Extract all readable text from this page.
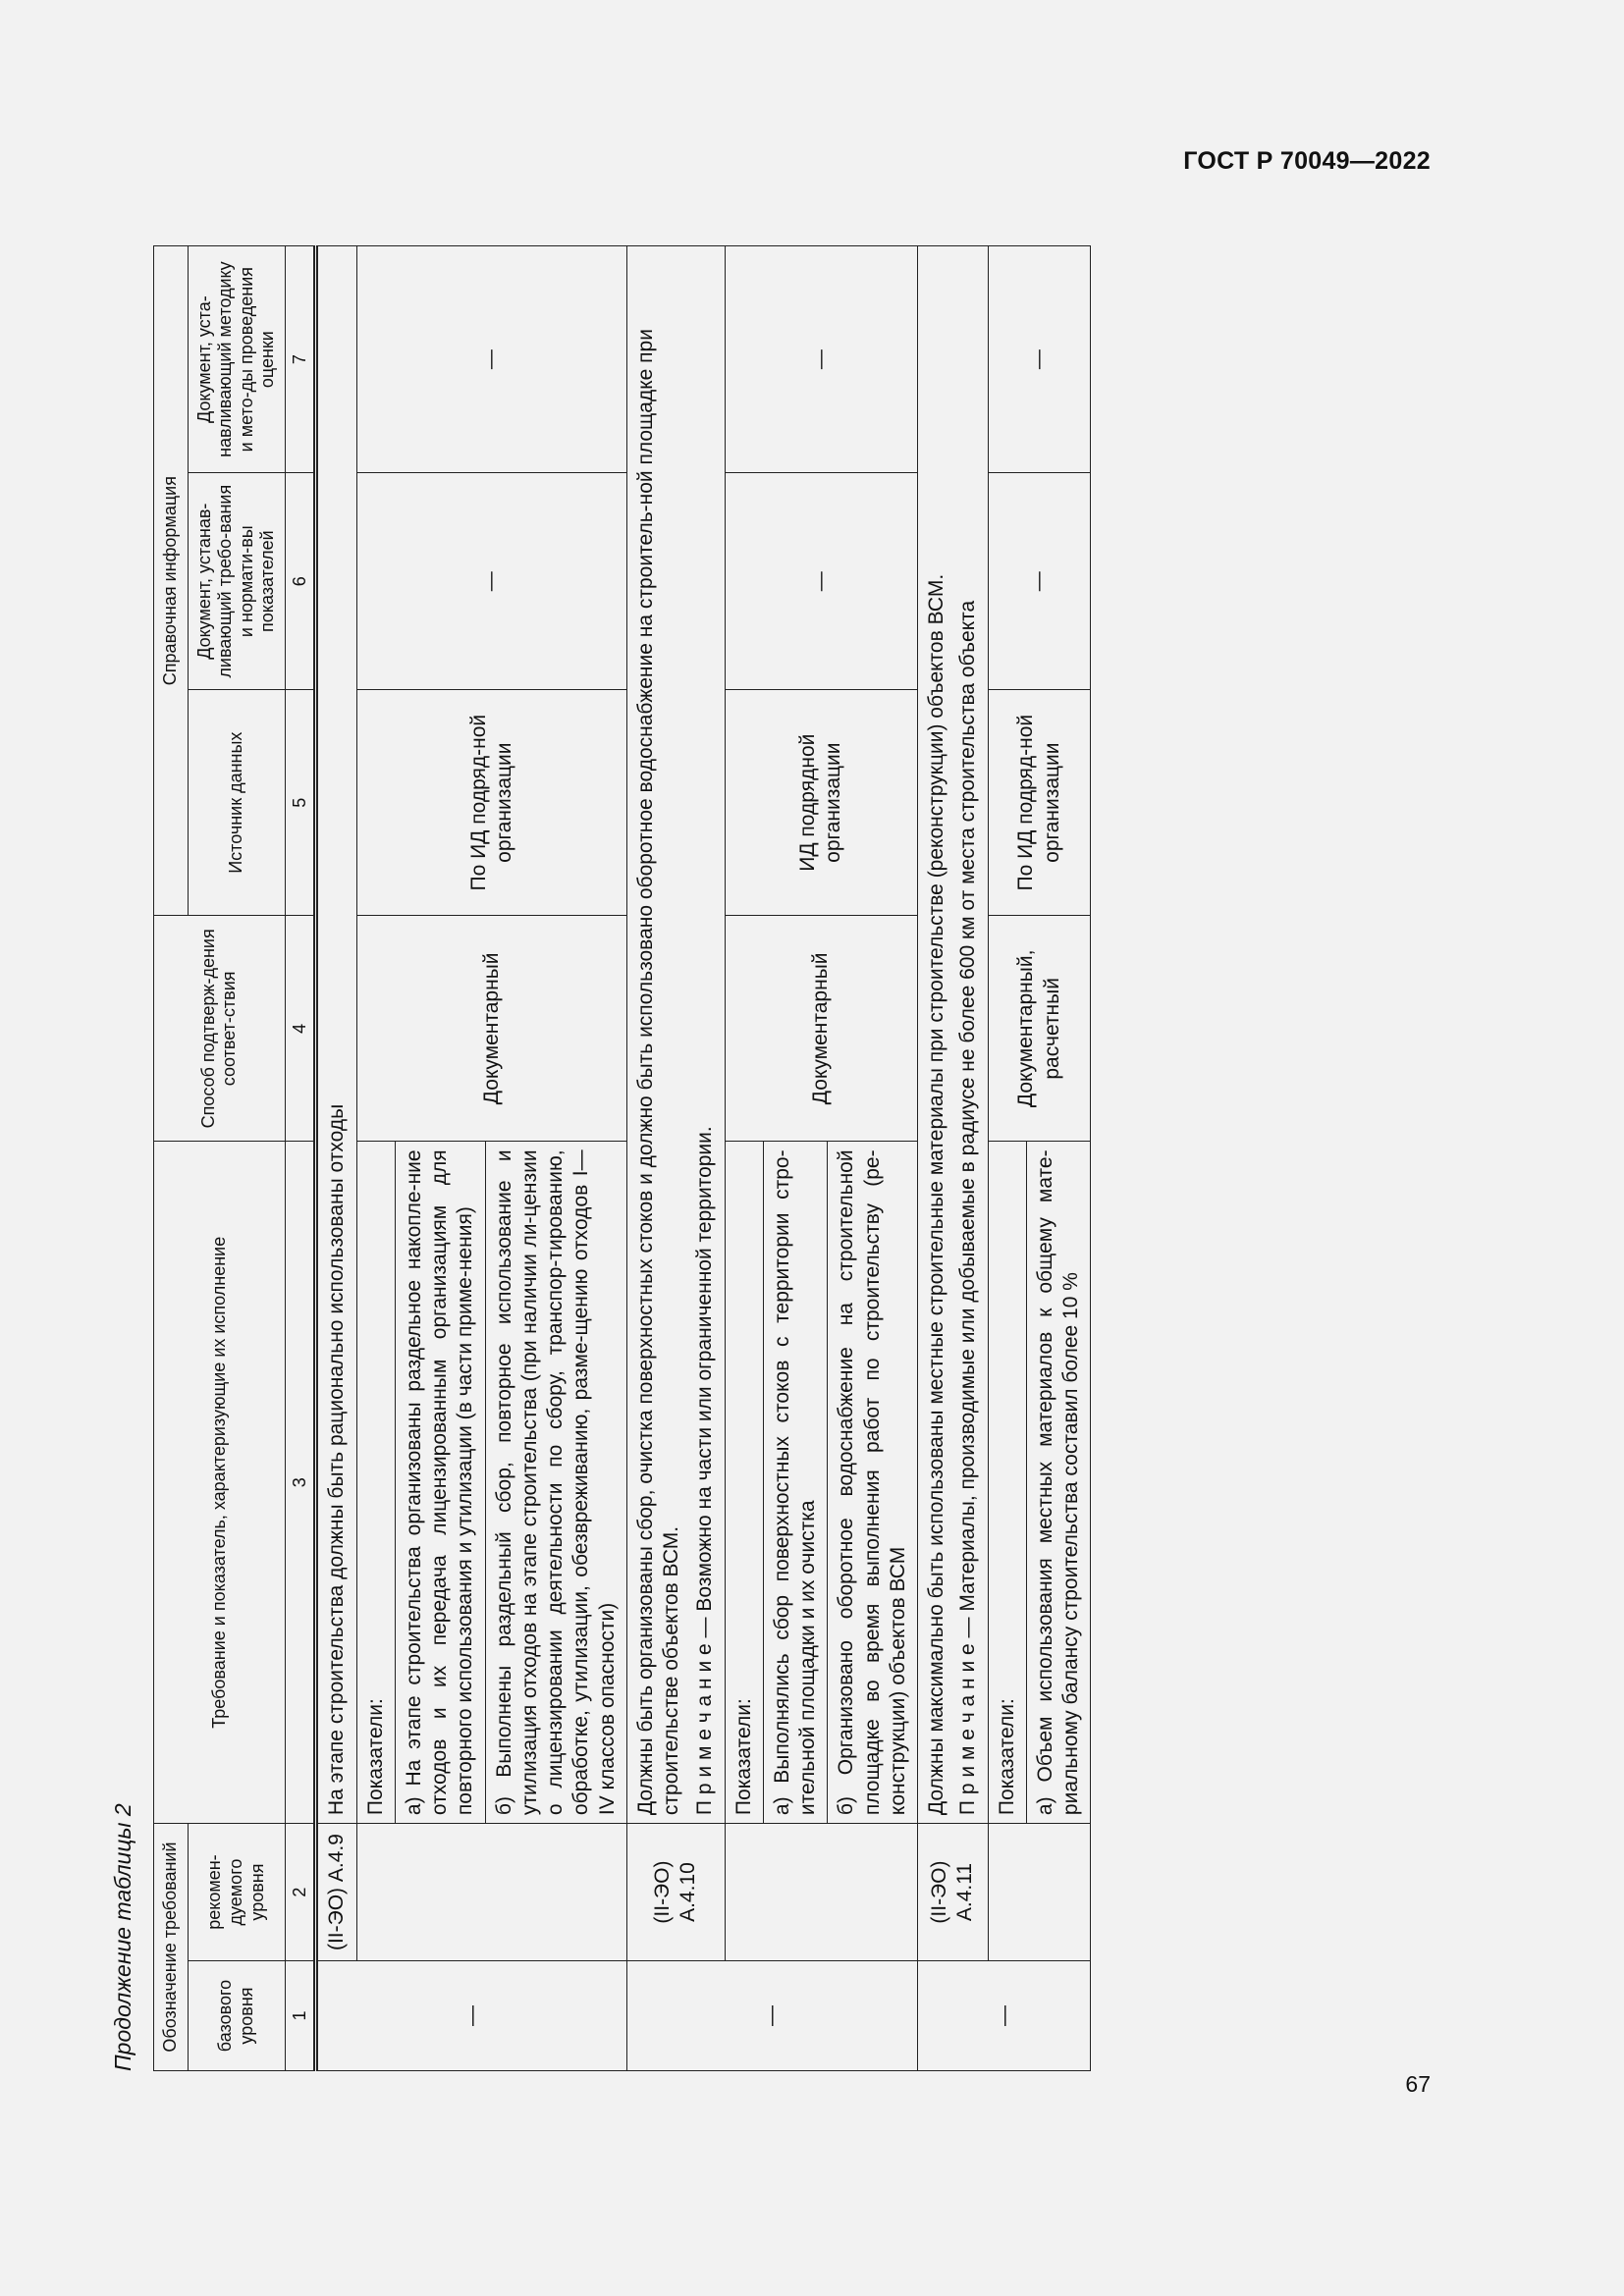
ГОСТ Р 70049—2022
Продолжение таблицы 2 Обозначение требований		Требование и показатель, характеризующие их исполнение	Способ подтверж-дения соответ-ствия	Справочная информация		
базового уровня	рекомен-дуемого уровня			Источник данных	Документ, устанав-ливающий требо-вания и нормати-вы показателей	Документ, уста-навливающий методику и мето-ды проведения оценки
1	2	3	4	5	6	7
—	(II-ЭО) А.4.9	На этапе строительства должны быть рационально использованы отходы				
		Показатели:	Документарный	По ИД подряд-ной организации	—	—
		а) На этапе строительства организованы раздельное накопле-ние отходов и их передача лицензированным организациям для повторного использования и утилизации (в части приме-нения)				
		б) Выполнены раздельный сбор, повторное использование и утилизация отходов на этапе строительства (при наличии ли-цензии о лицензировании деятельности по сбору, транспор-тированию, обработке, утилизации, обезвреживанию, разме-щению отходов I—IV классов опасности)				
—	(II-ЭО) А.4.10	Должны быть организованы сбор, очистка поверхностных стоков и должно быть использовано оборотное водоснабжение на строитель-ной площадке при строительстве объектов ВСМ. П р и м е ч а н и е — Возможно на части или ограниченной территории.				

		Показатели:	Документарный	ИД подрядной организации	—	—
		а) Выполнялись сбор поверхностных стоков с территории стро-ительной площадки и их очистка				
		б) Организовано оборотное водоснабжение на строительной площадке во время выполнения работ по строительству (ре-конструкции) объектов ВСМ				
—	(II-ЭО) А.4.11	Должны максимально быть использованы местные строительные материалы при строительстве (реконструкции) объектов ВСМ. П р и м е ч а н и е — Материалы, производимые или добываемые в радиусе не более 600 км от места строительства объекта				

		Показатели:	Документарный, расчетный	По ИД подряд-ной организации	—	—
		а) Объем использования местных материалов к общему мате-риальному балансу строительства составил более 10 %				
67
